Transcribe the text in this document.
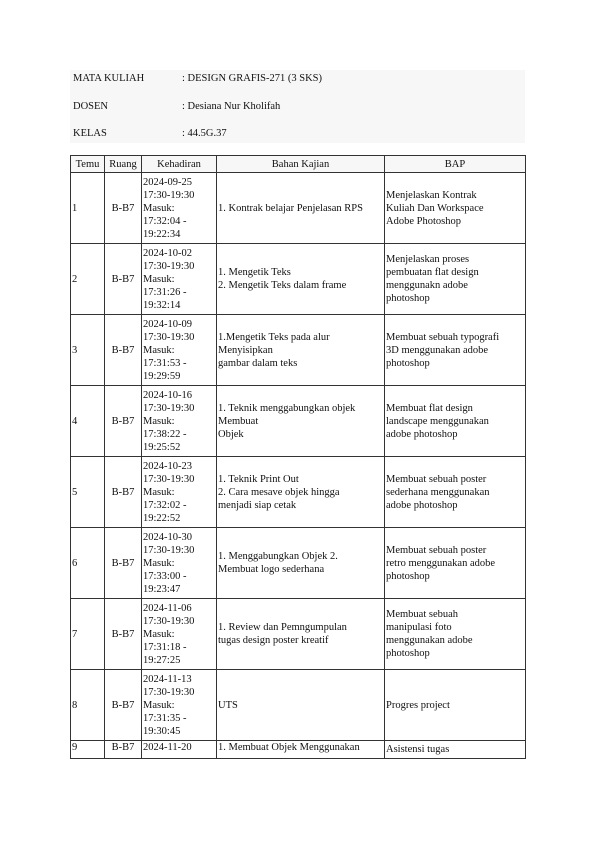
MATA KULIAH	: DESIGN GRAFIS-271 (3 SKS)
DOSEN	: Desiana Nur Kholifah
KELAS	: 44.5G.37
Temu	Ruang	Kehadiran	Bahan Kajian	BAP
1	B-B7	2024-09-25
17:30-19:30
Masuk:
17:32:04 -
19:22:34	1. Kontrak belajar Penjelasan RPS	Menjelaskan Kontrak
Kuliah Dan Workspace
Adobe Photoshop

2	B-B7	2024-10-02
17:30-19:30
Masuk:
17:31:26 -
19:32:14	1. Mengetik Teks
2. Mengetik Teks dalam frame	Menjelaskan proses
pembuatan flat design
menggunakn adobe
photoshop

3	B-B7	2024-10-09
17:30-19:30
Masuk:
17:31:53 -
19:29:59	1.Mengetik Teks pada alur
Menyisipkan
gambar dalam teks	Membuat sebuah typografi
3D menggunakan adobe
photoshop

4	B-B7	2024-10-16
17:30-19:30
Masuk:
17:38:22 -
19:25:52	1. Teknik menggabungkan objek
Membuat
Objek	Membuat flat design
landscape menggunakan
adobe photoshop

5	B-B7	2024-10-23
17:30-19:30
Masuk:
17:32:02 -
19:22:52	1. Teknik Print Out
2. Cara mesave objek hingga
menjadi siap cetak	Membuat sebuah poster
sederhana menggunakan
adobe photoshop

6	B-B7	2024-10-30
17:30-19:30
Masuk:
17:33:00 -
19:23:47	1. Menggabungkan Objek 2.
Membuat logo sederhana	Membuat sebuah poster
retro menggunakan adobe
photoshop

7	B-B7	2024-11-06
17:30-19:30
Masuk:
17:31:18 -
19:27:25	1. Review dan Pemngumpulan
tugas design poster kreatif	Membuat sebuah
manipulasi foto
menggunakan adobe
photoshop

8	B-B7	2024-11-13
17:30-19:30
Masuk:
17:31:35 -
19:30:45	UTS	Progres project

9	B-B7	2024-11-20	1. Membuat Objek Menggunakan	Asistensi tugas
